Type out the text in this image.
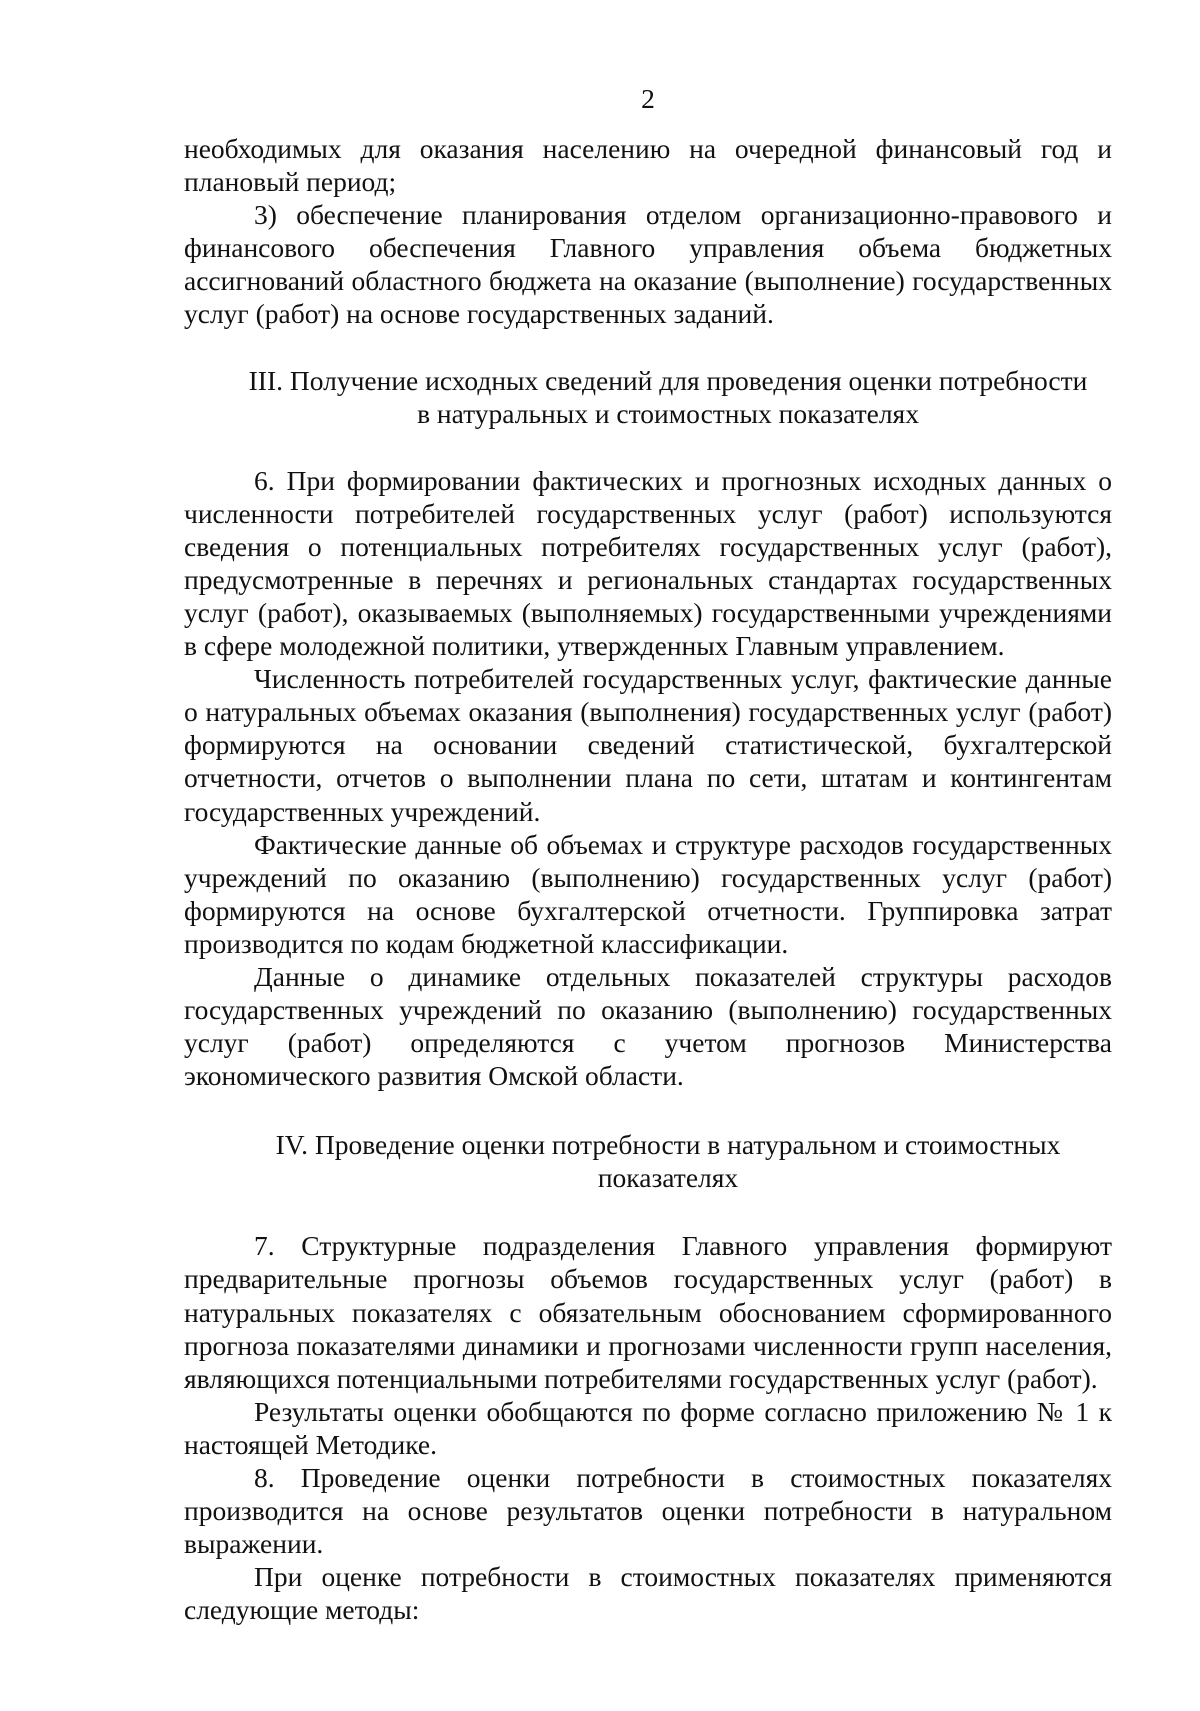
2

необходимых для оказания населению на очередной финансовый год и плановый период;

3) обеспечение планирования отделом организационно-правового и финансового обеспечения Главного управления объема бюджетных ассигнований областного бюджета на оказание (выполнение) государственных услуг (работ) на основе государственных заданий.

III. Получение исходных сведений для проведения оценки потребности
в натуральных и стоимостных показателях

6. При формировании фактических и прогнозных исходных данных о численности потребителей государственных услуг (работ) используются сведения о потенциальных потребителях государственных услуг (работ), предусмотренные в перечнях и региональных стандартах государственных услуг (работ), оказываемых (выполняемых) государственными учреждениями в сфере молодежной политики, утвержденных Главным управлением.

Численность потребителей государственных услуг, фактические данные о натуральных объемах оказания (выполнения) государственных услуг (работ) формируются на основании сведений статистической, бухгалтерской отчетности, отчетов о выполнении плана по сети, штатам и контингентам государственных учреждений.

Фактические данные об объемах и структуре расходов государственных учреждений по оказанию (выполнению) государственных услуг (работ) формируются на основе бухгалтерской отчетности. Группировка затрат производится по кодам бюджетной классификации.

Данные о динамике отдельных показателей структуры расходов государственных учреждений по оказанию (выполнению) государственных услуг (работ) определяются с учетом прогнозов Министерства экономического развития Омской области.

IV. Проведение оценки потребности в натуральном и стоимостных
показателях

7. Структурные подразделения Главного управления формируют предварительные прогнозы объемов государственных услуг (работ) в натуральных показателях с обязательным обоснованием сформированного прогноза показателями динамики и прогнозами численности групп населения, являющихся потенциальными потребителями государственных услуг (работ).

Результаты оценки обобщаются по форме согласно приложению № 1 к настоящей Методике.

8. Проведение оценки потребности в стоимостных показателях производится на основе результатов оценки потребности в натуральном выражении.

При оценке потребности в стоимостных показателях применяются следующие методы:
